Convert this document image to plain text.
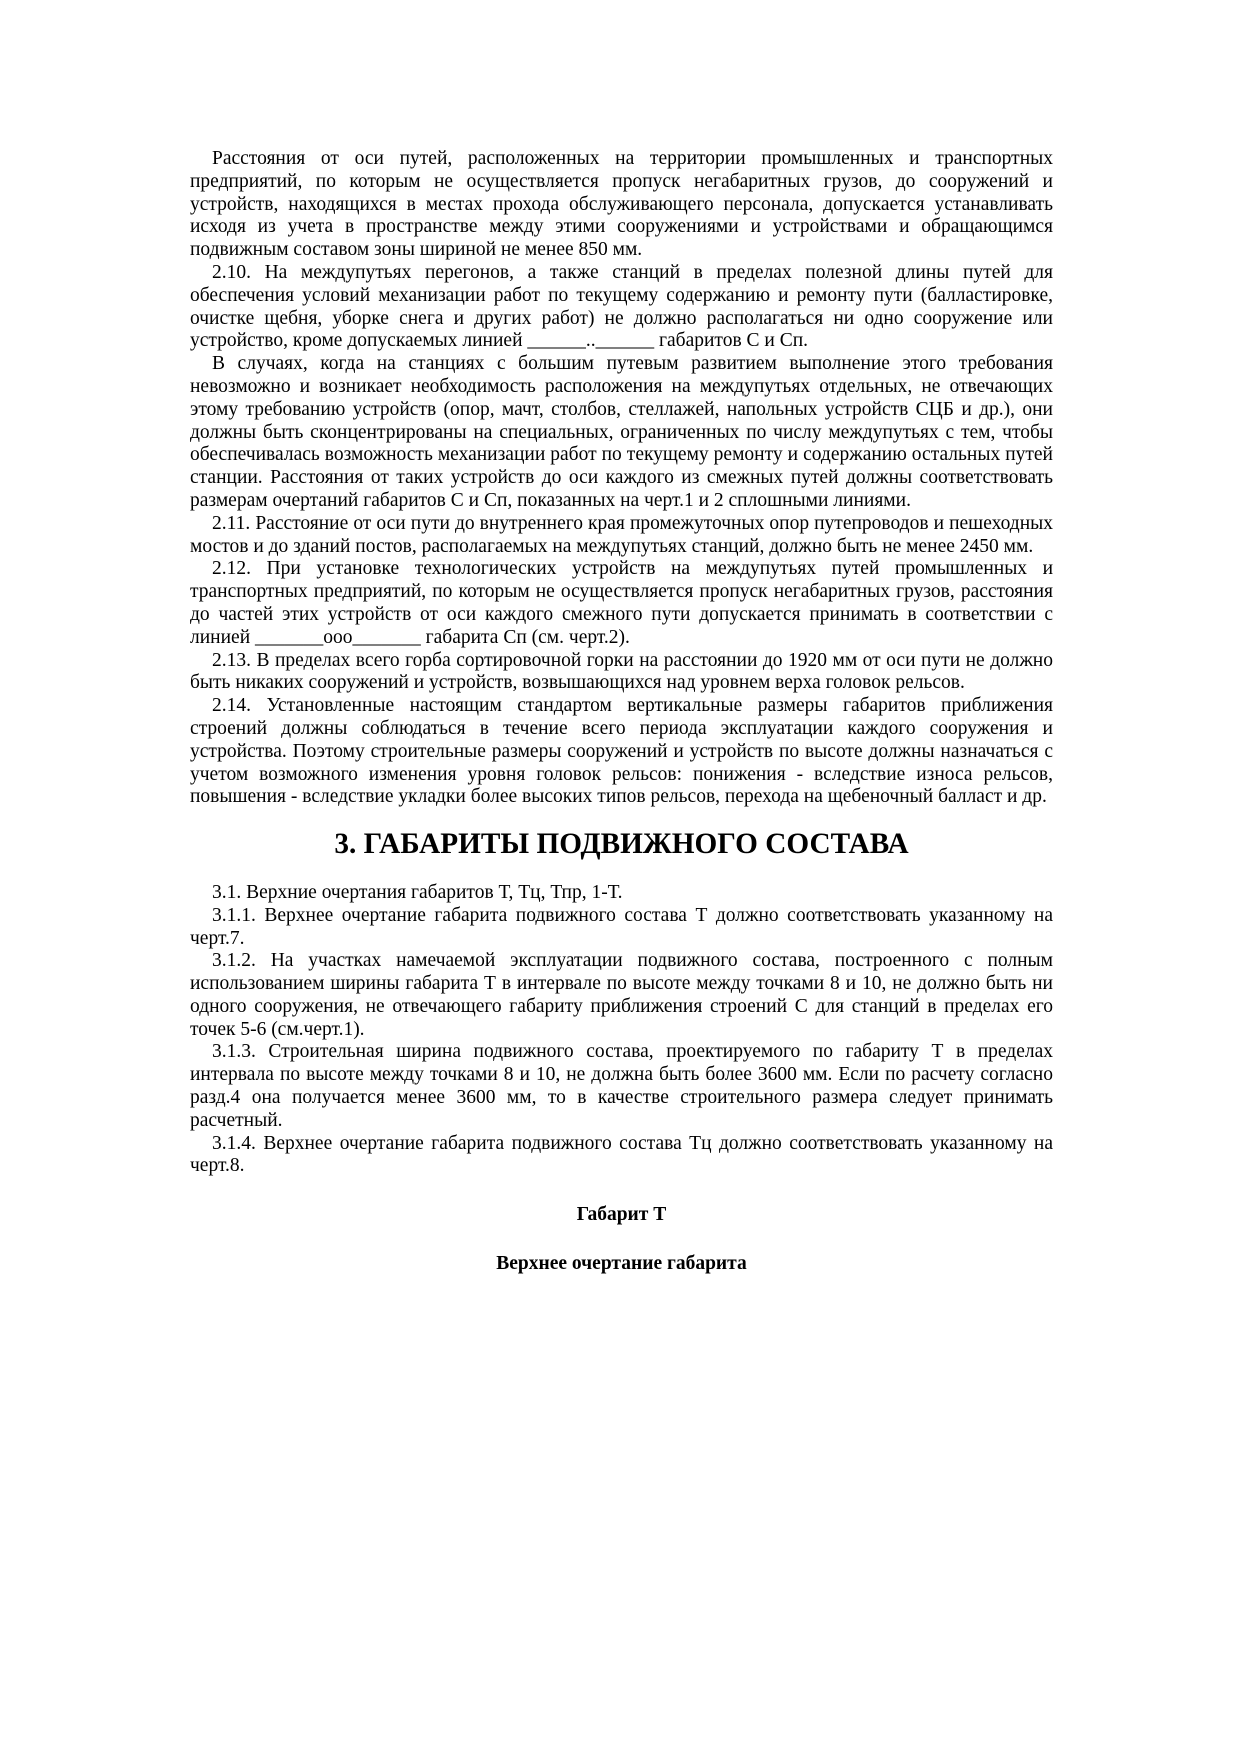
Расстояния от оси путей, расположенных на территории промышленных и транспортных предприятий, по которым не осуществляется пропуск негабаритных грузов, до сооружений и устройств, находящихся в местах прохода обслуживающего персонала, допускается устанавливать исходя из учета в пространстве между этими сооружениями и устройствами и обращающимся подвижным составом зоны шириной не менее 850 мм.

2.10. На междупутьях перегонов, а также станций в пределах полезной длины путей для обеспечения условий механизации работ по текущему содержанию и ремонту пути (балластировке, очистке щебня, уборке снега и других работ) не должно располагаться ни одно сооружение или устройство, кроме допускаемых линией ______..______ габаритов С и Сп.

В случаях, когда на станциях с большим путевым развитием выполнение этого требования невозможно и возникает необходимость расположения на междупутьях отдельных, не отвечающих этому требованию устройств (опор, мачт, столбов, стеллажей, напольных устройств СЦБ и др.), они должны быть сконцентрированы на специальных, ограниченных по числу междупутьях с тем, чтобы обеспечивалась возможность механизации работ по текущему ремонту и содержанию остальных путей станции. Расстояния от таких устройств до оси каждого из смежных путей должны соответствовать размерам очертаний габаритов С и Сп, показанных на черт.1 и 2 сплошными линиями.

2.11. Расстояние от оси пути до внутреннего края промежуточных опор путепроводов и пешеходных мостов и до зданий постов, располагаемых на междупутьях станций, должно быть не менее 2450 мм.

2.12. При установке технологических устройств на междупутьях путей промышленных и транспортных предприятий, по которым не осуществляется пропуск негабаритных грузов, расстояния до частей этих устройств от оси каждого смежного пути допускается принимать в соответствии с линией _______ооо_______ габарита Сп (см. черт.2).

2.13. В пределах всего горба сортировочной горки на расстоянии до 1920 мм от оси пути не должно быть никаких сооружений и устройств, возвышающихся над уровнем верха головок рельсов.

2.14. Установленные настоящим стандартом вертикальные размеры габаритов приближения строений должны соблюдаться в течение всего периода эксплуатации каждого сооружения и устройства. Поэтому строительные размеры сооружений и устройств по высоте должны назначаться с учетом возможного изменения уровня головок рельсов: понижения - вследствие износа рельсов, повышения - вследствие укладки более высоких типов рельсов, перехода на щебеночный балласт и др.

3. ГАБАРИТЫ ПОДВИЖНОГО СОСТАВА

3.1. Верхние очертания габаритов Т, Тц, Тпр, 1-Т.

3.1.1. Верхнее очертание габарита подвижного состава Т должно соответствовать указанному на черт.7.

3.1.2. На участках намечаемой эксплуатации подвижного состава, построенного с полным использованием ширины габарита Т в интервале по высоте между точками 8 и 10, не должно быть ни одного сооружения, не отвечающего габариту приближения строений С для станций в пределах его точек 5-6 (см.черт.1).

3.1.3. Строительная ширина подвижного состава, проектируемого по габариту Т в пределах интервала по высоте между точками 8 и 10, не должна быть более 3600 мм. Если по расчету согласно разд.4 она получается менее 3600 мм, то в качестве строительного размера следует принимать расчетный.

3.1.4. Верхнее очертание габарита подвижного состава Тц должно соответствовать указанному на черт.8.

Габарит Т

Верхнее очертание габарита
